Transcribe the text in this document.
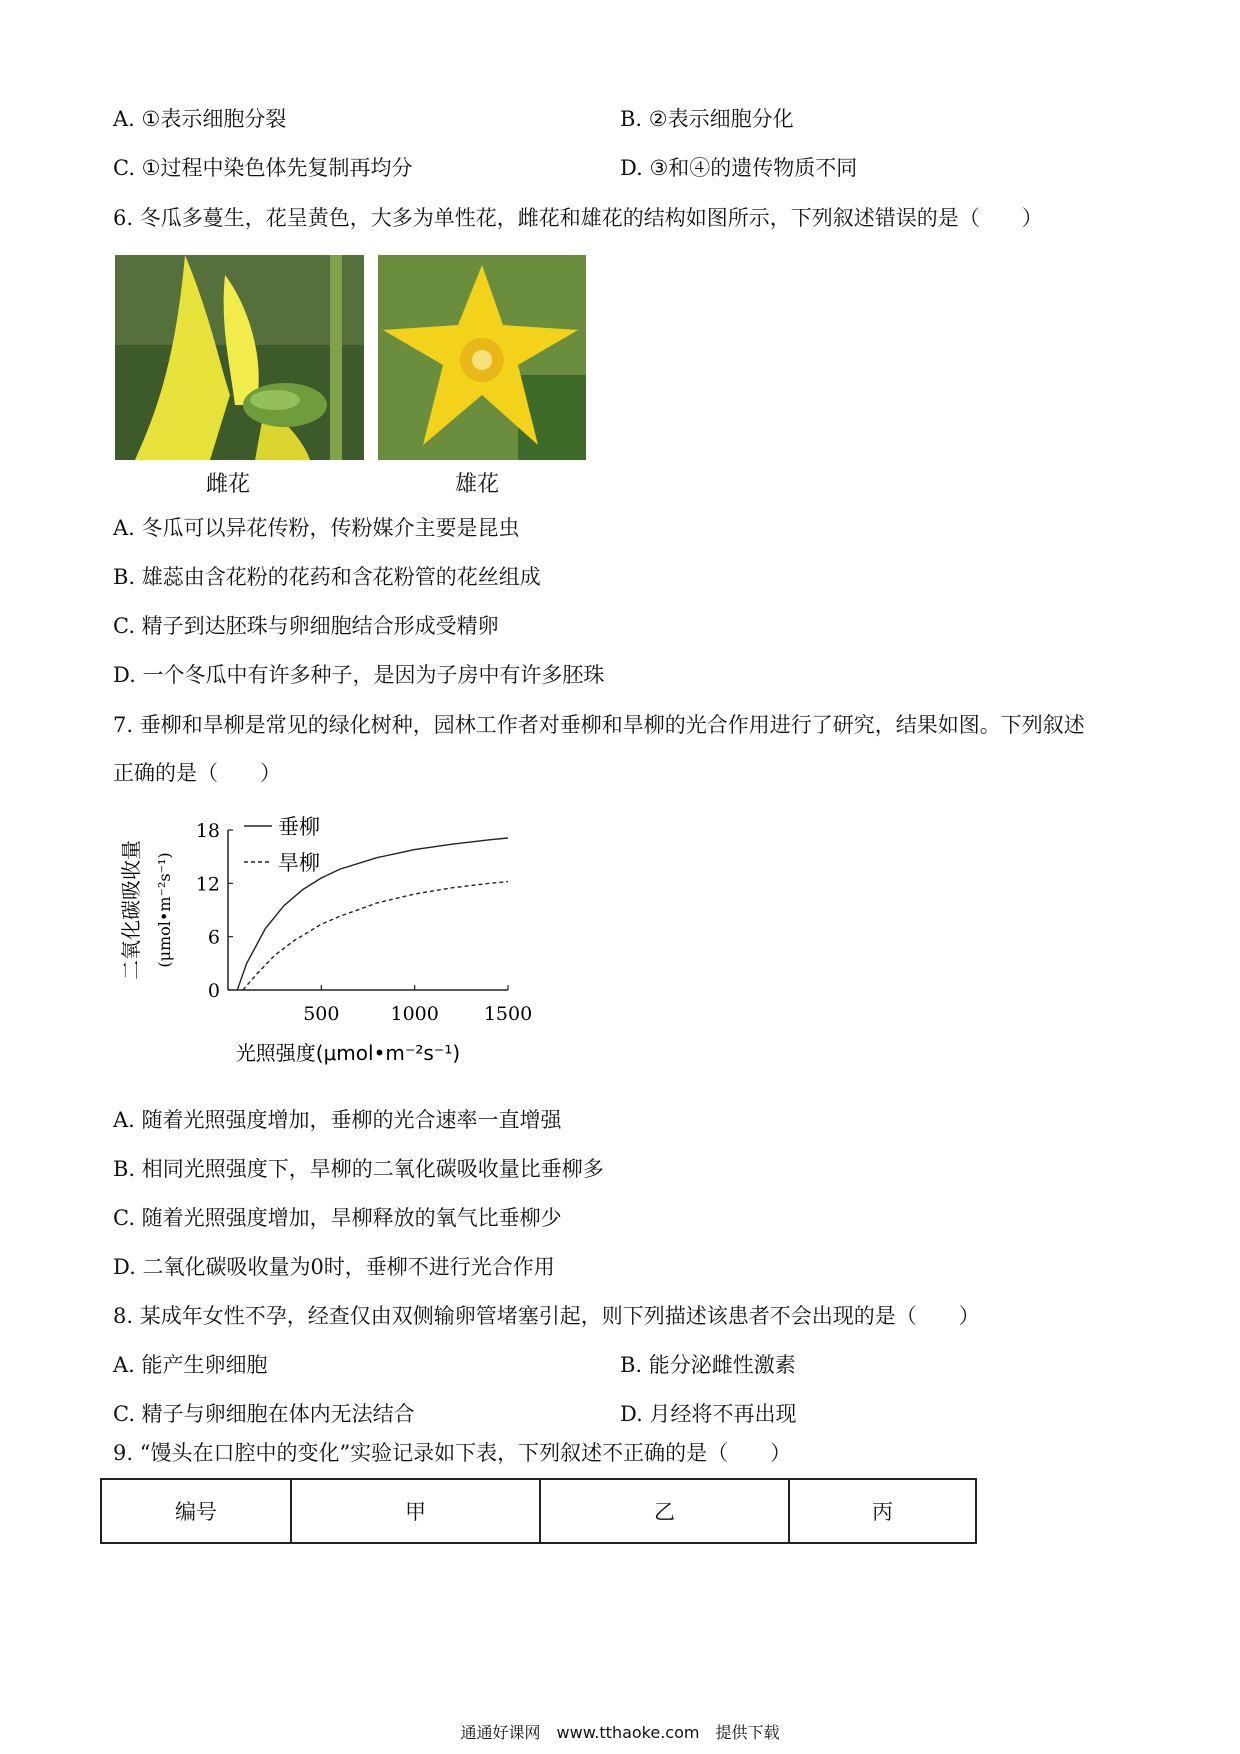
A. ①表示细胞分裂	B. ②表示细胞分化
C. ①过程中染色体先复制再均分	D. ③和④的遗传物质不同
6. 冬瓜多蔓生，花呈黄色，大多为单性花，雌花和雄花的结构如图所示，下列叙述错误的是（　　）
雌花	雄花
A. 冬瓜可以异花传粉，传粉媒介主要是昆虫
B. 雄蕊由含花粉的花药和含花粉管的花丝组成
C. 精子到达胚珠与卵细胞结合形成受精卵
D. 一个冬瓜中有许多种子，是因为子房中有许多胚珠
7. 垂柳和旱柳是常见的绿化树种，园林工作者对垂柳和旱柳的光合作用进行了研究，结果如图。下列叙述
正确的是（　　）
0
6
12
18
500	1000 1500
垂柳
旱柳
二氧化碳吸收量 (μmol•m⁻²s⁻¹)
光照强度(μmol•m⁻²s⁻¹)
A. 随着光照强度增加，垂柳的光合速率一直增强
B. 相同光照强度下，旱柳的二氧化碳吸收量比垂柳多
C. 随着光照强度增加，旱柳释放的氧气比垂柳少
D. 二氧化碳吸收量为0时，垂柳不进行光合作用
8. 某成年女性不孕，经查仅由双侧输卵管堵塞引起，则下列描述该患者不会出现的是（　　）
A. 能产生卵细胞	B. 能分泌雌性激素
C. 精子与卵细胞在体内无法结合	D. 月经将不再出现
9. “馒头在口腔中的变化”实验记录如下表，下列叙述不正确的是（　　）
编号	甲	乙	丙
通通好课网　www.tthaoke.com　提供下载
